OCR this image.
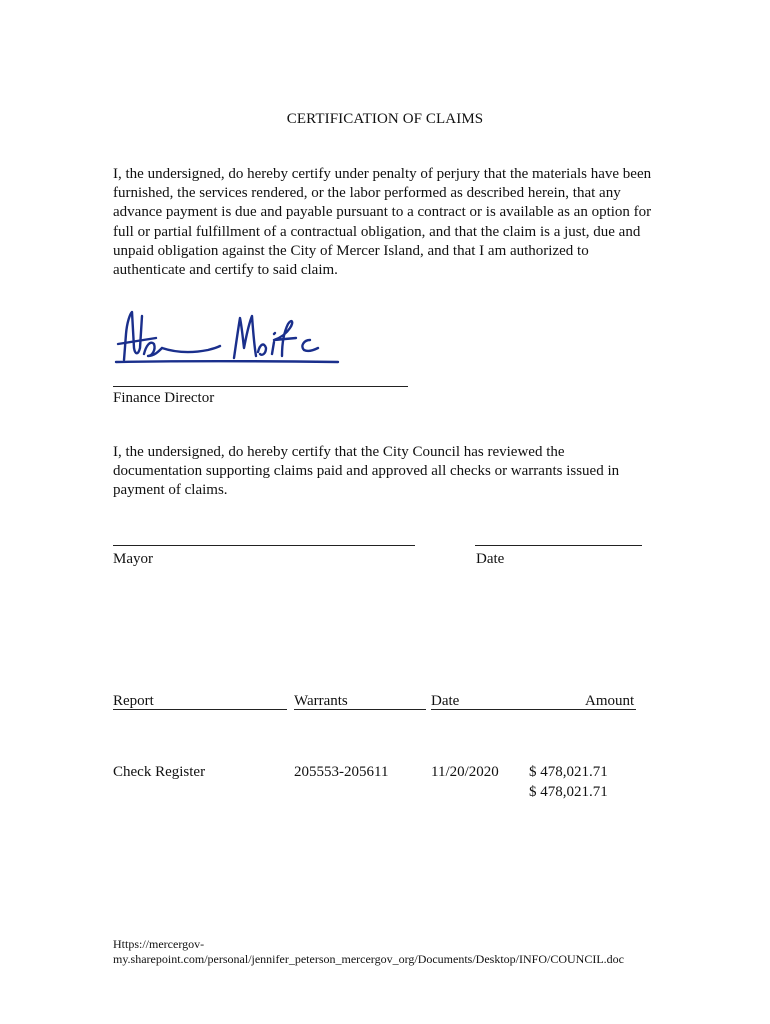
CERTIFICATION OF CLAIMS

I, the undersigned, do hereby certify under penalty of perjury that the materials have been
furnished, the services rendered, or the labor performed as described herein, that any
advance payment is due and payable pursuant to a contract or is available as an option for
full or partial fulfillment of a contractual obligation, and that the claim is a just, due and
unpaid obligation against the City of Mercer Island, and that I am authorized to
authenticate and certify to said claim.

Finance Director

I, the undersigned, do hereby certify that the City Council has reviewed the
documentation supporting claims paid and approved all checks or warrants issued in
payment of claims.

Mayor	Date
Report	Warrants	Date	Amount
Check Register	205553-205611	11/20/2020 $ 478,021.71
$ 478,021.71
Https://mercergov-
my.sharepoint.com/personal/jennifer_peterson_mercergov_org/Documents/Desktop/INFO/COUNCIL.doc
